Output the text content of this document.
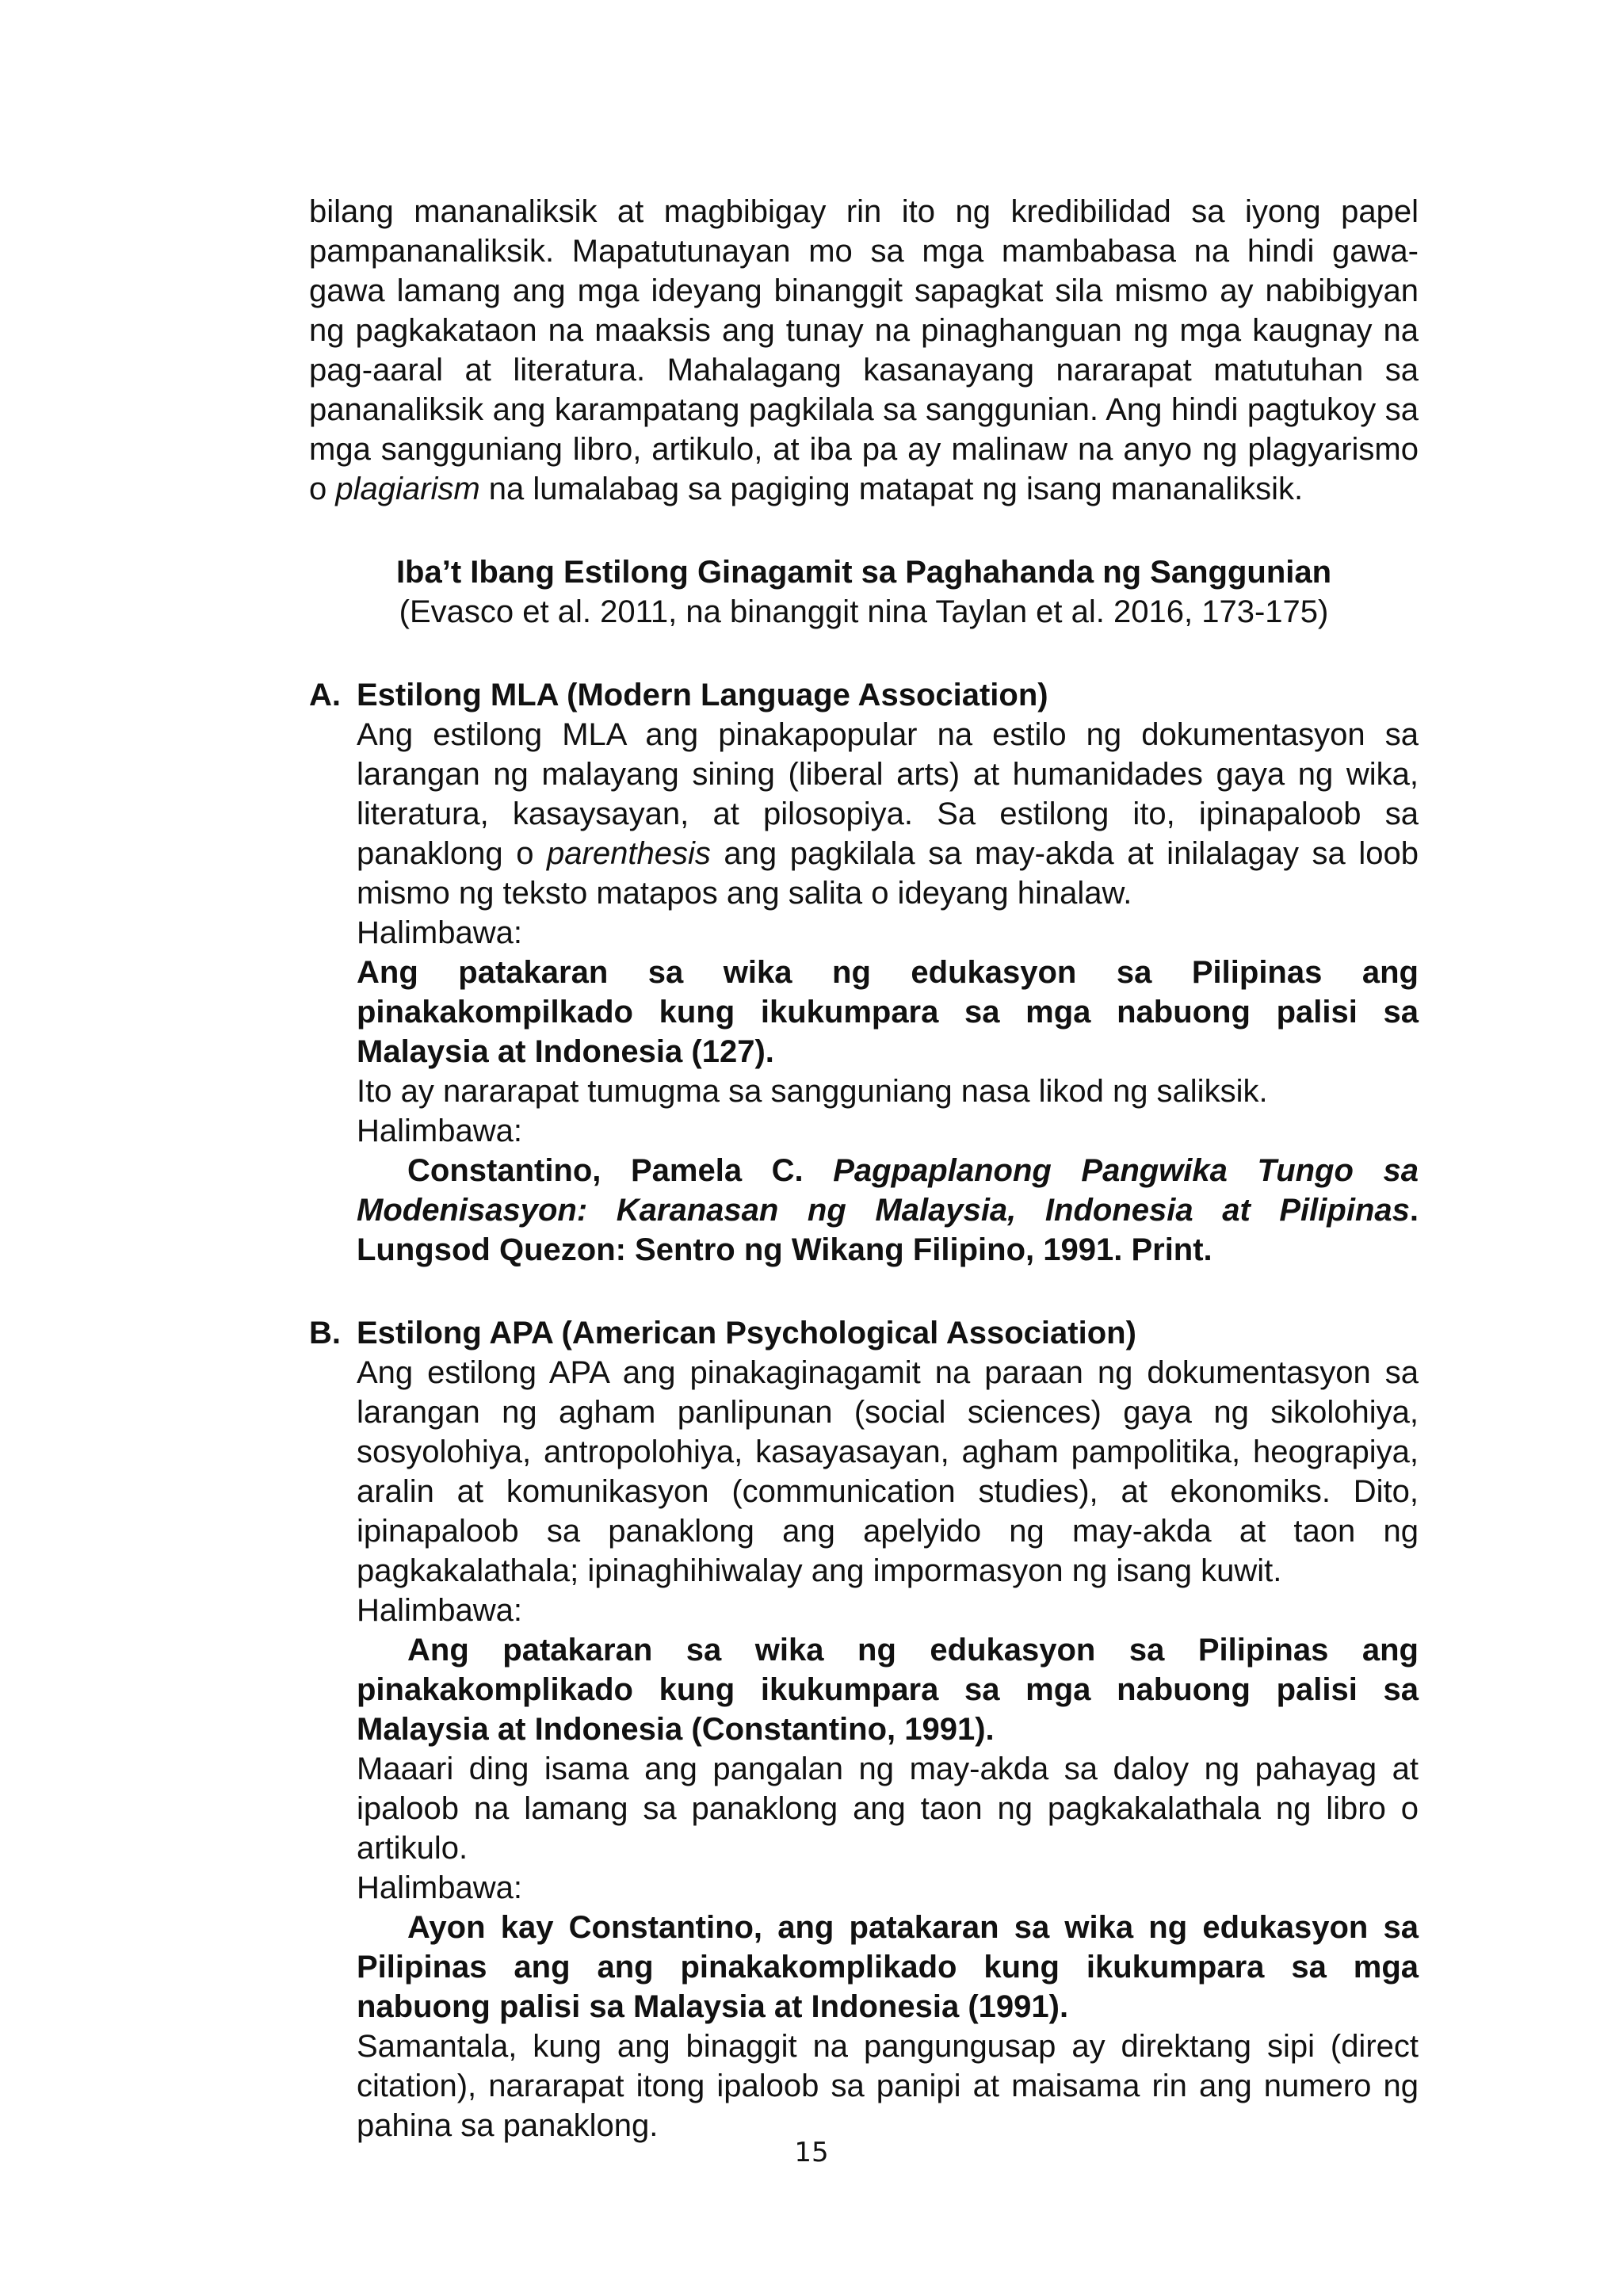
bilang mananaliksik at magbibigay rin ito ng kredibilidad sa iyong papel pampananaliksik. Mapatutunayan mo sa mga mambabasa na hindi gawa-gawa lamang ang mga ideyang binanggit sapagkat sila mismo ay nabibigyan ng pagkakataon na maaksis ang tunay na pinaghanguan ng mga kaugnay na pag-aaral at literatura. Mahalagang kasanayang nararapat matutuhan sa pananaliksik ang karampatang pagkilala sa sanggunian. Ang hindi pagtukoy sa mga sangguniang libro, artikulo, at iba pa ay malinaw na anyo ng plagyarismo o plagiarism na lumalabag sa pagiging matapat ng isang mananaliksik.

Iba’t Ibang Estilong Ginagamit sa Paghahanda ng Sanggunian

(Evasco et al. 2011, na binanggit nina Taylan et al. 2016, 173-175)

A. Estilong MLA (Modern Language Association)

Ang estilong MLA ang pinakapopular na estilo ng dokumentasyon sa larangan ng malayang sining (liberal arts) at humanidades gaya ng wika, literatura, kasaysayan, at pilosopiya. Sa estilong ito, ipinapaloob sa panaklong o parenthesis ang pagkilala sa may-akda at inilalagay sa loob mismo ng teksto matapos ang salita o ideyang hinalaw.

Halimbawa:

Ang patakaran sa wika ng edukasyon sa Pilipinas ang pinakakompilkado kung ikukumpara sa mga nabuong palisi sa Malaysia at Indonesia (127).

Ito ay nararapat tumugma sa sangguniang nasa likod ng saliksik.

Halimbawa:

Constantino, Pamela C. Pagpaplanong Pangwika Tungo sa Modenisasyon: Karanasan ng Malaysia, Indonesia at Pilipinas. Lungsod Quezon: Sentro ng Wikang Filipino, 1991. Print.

B. Estilong APA (American Psychological Association)

Ang estilong APA ang pinakaginagamit na paraan ng dokumentasyon sa larangan ng agham panlipunan (social sciences) gaya ng sikolohiya, sosyolohiya, antropolohiya, kasayasayan, agham pampolitika, heograpiya, aralin at komunikasyon (communication studies), at ekonomiks. Dito, ipinapaloob sa panaklong ang apelyido ng may-akda at taon ng pagkakalathala; ipinaghihiwalay ang impormasyon ng isang kuwit.

Halimbawa:

Ang patakaran sa wika ng edukasyon sa Pilipinas ang pinakakomplikado kung ikukumpara sa mga nabuong palisi sa Malaysia at Indonesia (Constantino, 1991).

Maaari ding isama ang pangalan ng may-akda sa daloy ng pahayag at ipaloob na lamang sa panaklong ang taon ng pagkakalathala ng libro o artikulo.

Halimbawa:

Ayon kay Constantino, ang patakaran sa wika ng edukasyon sa Pilipinas ang ang pinakakomplikado kung ikukumpara sa mga nabuong palisi sa Malaysia at Indonesia (1991).

Samantala, kung ang binaggit na pangungusap ay direktang sipi (direct citation), nararapat itong ipaloob sa panipi at maisama rin ang numero ng pahina sa panaklong.

15
